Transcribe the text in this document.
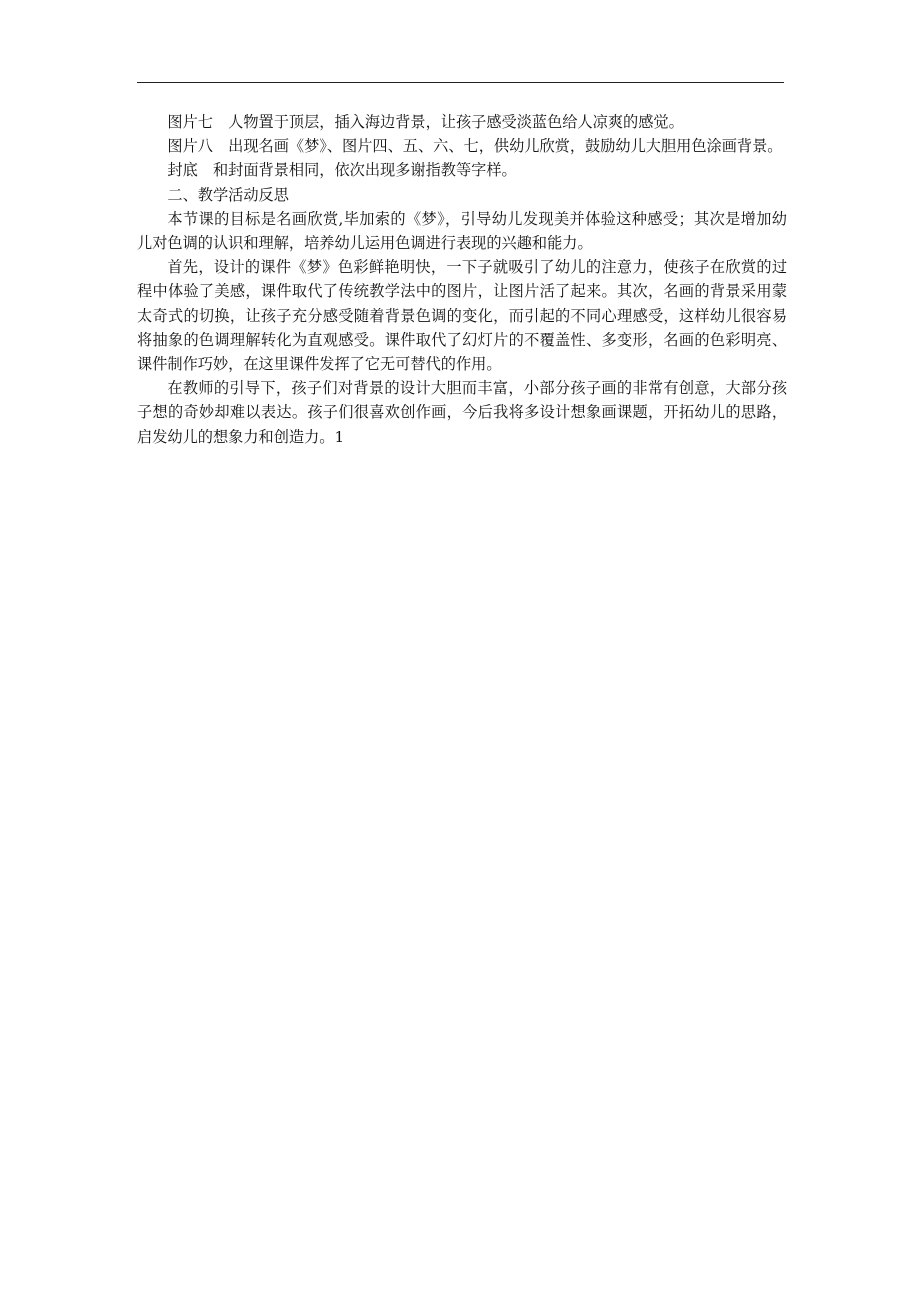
图片七 人物置于顶层，插入海边背景，让孩子感受淡蓝色给人凉爽的感觉。

图片八 出现名画《梦》、图片四、五、六、七，供幼儿欣赏，鼓励幼儿大胆用色涂画背景。

封底 和封面背景相同，依次出现多谢指教等字样。

二、教学活动反思

本节课的目标是名画欣赏,毕加索的《梦》，引导幼儿发现美并体验这种感受；其次是增加幼儿对色调的认识和理解，培养幼儿运用色调进行表现的兴趣和能力。

首先，设计的课件《梦》色彩鲜艳明快，一下子就吸引了幼儿的注意力，使孩子在欣赏的过程中体验了美感，课件取代了传统教学法中的图片，让图片活了起来。其次，名画的背景采用蒙太奇式的切换，让孩子充分感受随着背景色调的变化，而引起的不同心理感受，这样幼儿很容易将抽象的色调理解转化为直观感受。课件取代了幻灯片的不覆盖性、多变形，名画的色彩明亮、课件制作巧妙，在这里课件发挥了它无可替代的作用。

在教师的引导下，孩子们对背景的设计大胆而丰富，小部分孩子画的非常有创意，大部分孩子想的奇妙却难以表达。孩子们很喜欢创作画，今后我将多设计想象画课题，开拓幼儿的思路，启发幼儿的想象力和创造力。1
